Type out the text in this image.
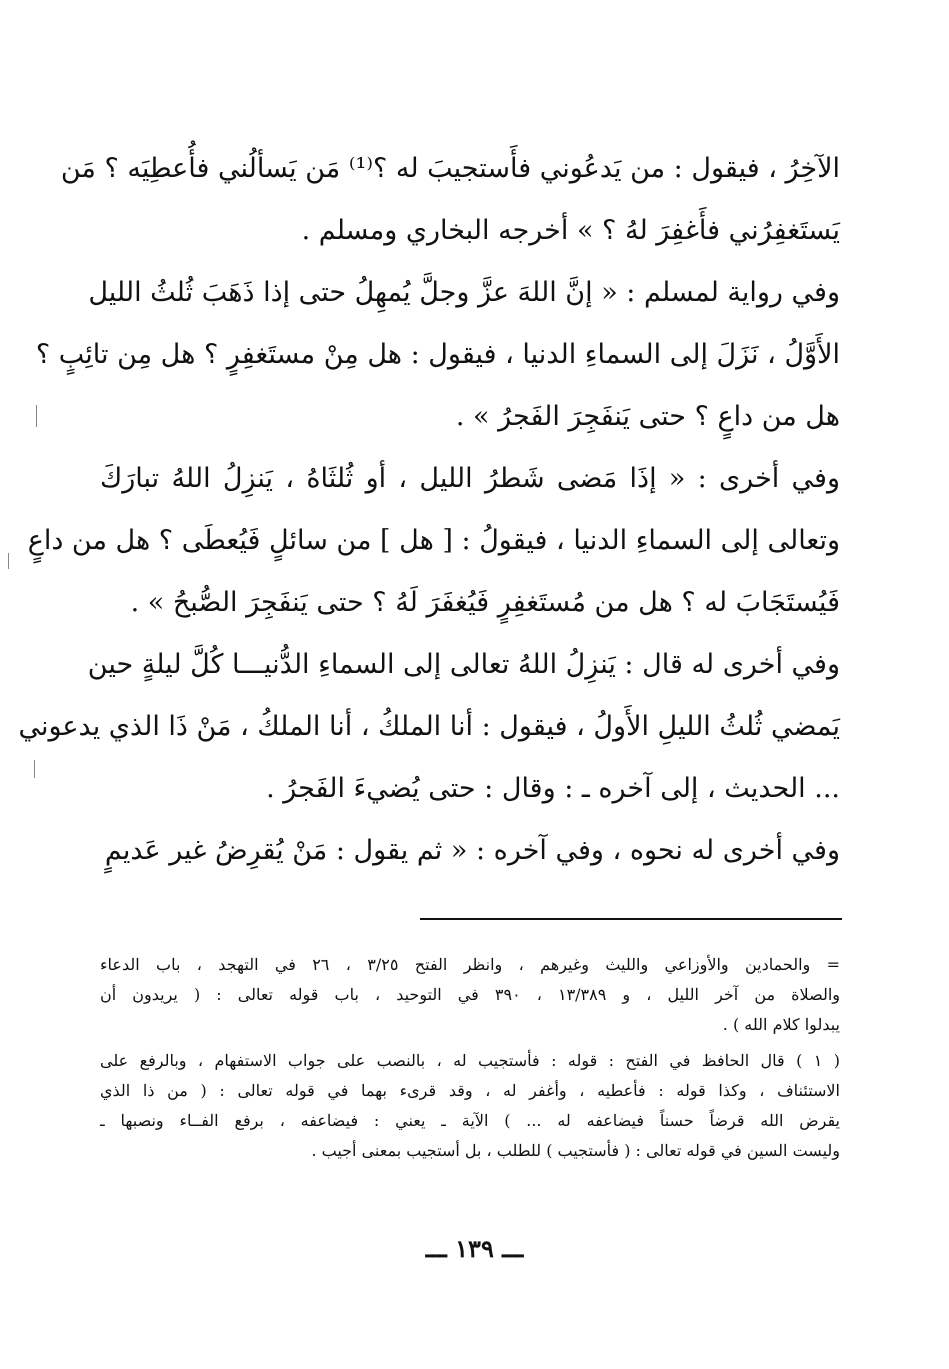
الآخِرُ ، فيقول : من يَدعُوني فأَستجيبَ له ؟⁽¹⁾ مَن يَسألُني فأُعطِيَه ؟ مَن
يَستَغفِرُني فأَغفِرَ لهُ ؟ » أخرجه البخاري ومسلم .
وفي رواية لمسلم : « إنَّ اللهَ عزَّ وجلَّ يُمهِلُ حتى إذا ذَهَبَ ثُلثُ الليل
الأَوَّلُ ، نَزَلَ إلى السماءِ الدنيا ، فيقول : هل مِنْ مستَغفِرٍ ؟ هل مِن تائِبٍ ؟
هل من داعٍ ؟ حتى يَنفَجِرَ الفَجرُ » .
وفي أخرى : « إذَا مَضى شَطرُ الليل ، أو ثُلثَاهُ ، يَنزِلُ اللهُ تبارَكَ
وتعالى إلى السماءِ الدنيا ، فيقولُ : [ هل ] من سائلٍ فَيُعطَى ؟ هل من داعٍ
فَيُستَجَابَ له ؟ هل من مُستَغفِرٍ فَيُغفَرَ لَهُ ؟ حتى يَنفَجِرَ الصُّبحُ » .
وفي أخرى له قال : يَنزِلُ اللهُ تعالى إلى السماءِ الدُّنيـــا كُلَّ ليلةٍ حين
يَمضي ثُلثُ الليلِ الأَولُ ، فيقول : أنا الملكُ ، أنا الملكُ ، مَنْ ذَا الذي يدعوني
... الحديث ، إلى آخره ـ : وقال : حتى يُضيءَ الفَجرُ .
وفي أخرى له نحوه ، وفي آخره : « ثم يقول : مَنْ يُقرِضُ غير عَديمٍ
= والحمادين والأوزاعي والليث وغيرهم ، وانظر الفتح ٣/٢٥ ، ٢٦ في التهجد ، باب الدعاء
والصلاة من آخر الليل ، و ١٣/٣٨٩ ، ٣٩٠ في التوحيد ، باب قوله تعالى : ( يريدون أن
يبدلوا كلام الله ) .
( ١ ) قال الحافظ في الفتح : قوله : فأستجيب له ، بالنصب على جواب الاستفهام ، وبالرفع على
الاستئناف ، وكذا قوله : فأعطيه ، وأغفر له ، وقد قرىء بهما في قوله تعالى : ( من ذا الذي
يقرض الله قرضاً حسناً فيضاعفه له ... ) الآية ـ يعني : فيضاعفه ، برفع الفــاء ونصبها ـ
وليست السين في قوله تعالى : ( فأستجيب ) للطلب ، بل أستجيب بمعنى أجيب .
ـــ ١٣٩ ـــ
